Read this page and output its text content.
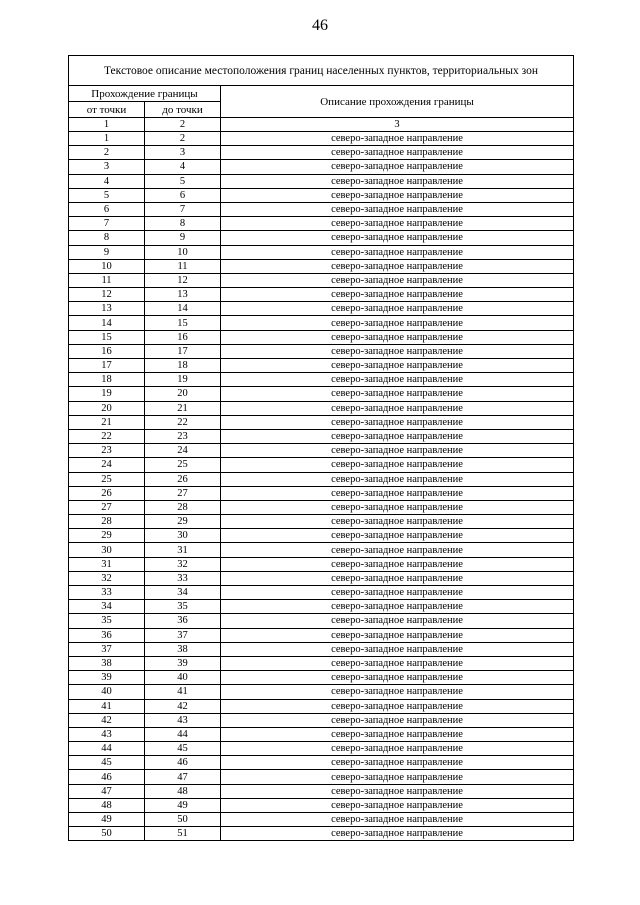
46
Текстовое описание местоположения границ населенных пунктов, территориальных зон		
Прохождение границы		Описание прохождения границы
от точки	до точки	
1	2	3
1	2	северо-западное направление
2	3	северо-западное направление
3	4	северо-западное направление
4	5	северо-западное направление
5	6	северо-западное направление
6	7	северо-западное направление
7	8	северо-западное направление
8	9	северо-западное направление
9	10	северо-западное направление
10	11	северо-западное направление
11	12	северо-западное направление
12	13	северо-западное направление
13	14	северо-западное направление
14	15	северо-западное направление
15	16	северо-западное направление
16	17	северо-западное направление
17	18	северо-западное направление
18	19	северо-западное направление
19	20	северо-западное направление
20	21	северо-западное направление
21	22	северо-западное направление
22	23	северо-западное направление
23	24	северо-западное направление
24	25	северо-западное направление
25	26	северо-западное направление
26	27	северо-западное направление
27	28	северо-западное направление
28	29	северо-западное направление
29	30	северо-западное направление
30	31	северо-западное направление
31	32	северо-западное направление
32	33	северо-западное направление
33	34	северо-западное направление
34	35	северо-западное направление
35	36	северо-западное направление
36	37	северо-западное направление
37	38	северо-западное направление
38	39	северо-западное направление
39	40	северо-западное направление
40	41	северо-западное направление
41	42	северо-западное направление
42	43	северо-западное направление
43	44	северо-западное направление
44	45	северо-западное направление
45	46	северо-западное направление
46	47	северо-западное направление
47	48	северо-западное направление
48	49	северо-западное направление
49	50	северо-западное направление
50	51	северо-западное направление
